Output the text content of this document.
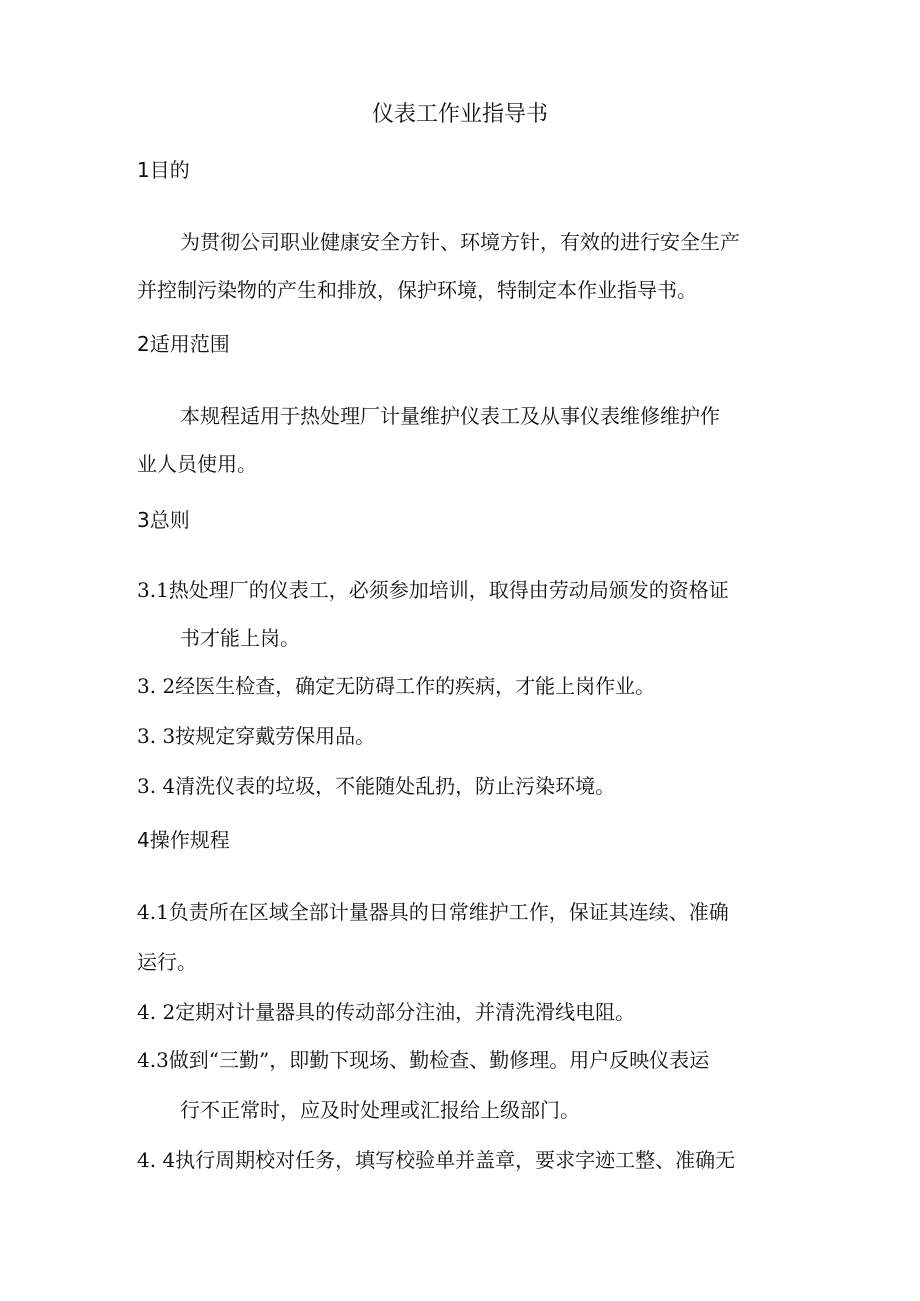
仪表工作业指导书
1目的
为贯彻公司职业健康安全方针、环境方针，有效的进行安全生产
并控制污染物的产生和排放，保护环境，特制定本作业指导书。
2适用范围
本规程适用于热处理厂计量维护仪表工及从事仪表维修维护作
业人员使用。
3总则
3.1热处理厂的仪表工，必须参加培训，取得由劳动局颁发的资格证
书才能上岗。
3. 2经医生检查，确定无防碍工作的疾病，才能上岗作业。
3. 3按规定穿戴劳保用品。
3. 4清洗仪表的垃圾，不能随处乱扔，防止污染环境。
4操作规程
4.1负责所在区域全部计量器具的日常维护工作，保证其连续、准确
运行。
4. 2定期对计量器具的传动部分注油，并清洗滑线电阻。
4.3做到“三勤”，即勤下现场、勤检查、勤修理。用户反映仪表运
行不正常时，应及时处理或汇报给上级部门。
4. 4执行周期校对任务，填写校验单并盖章，要求字迹工整、准确无
